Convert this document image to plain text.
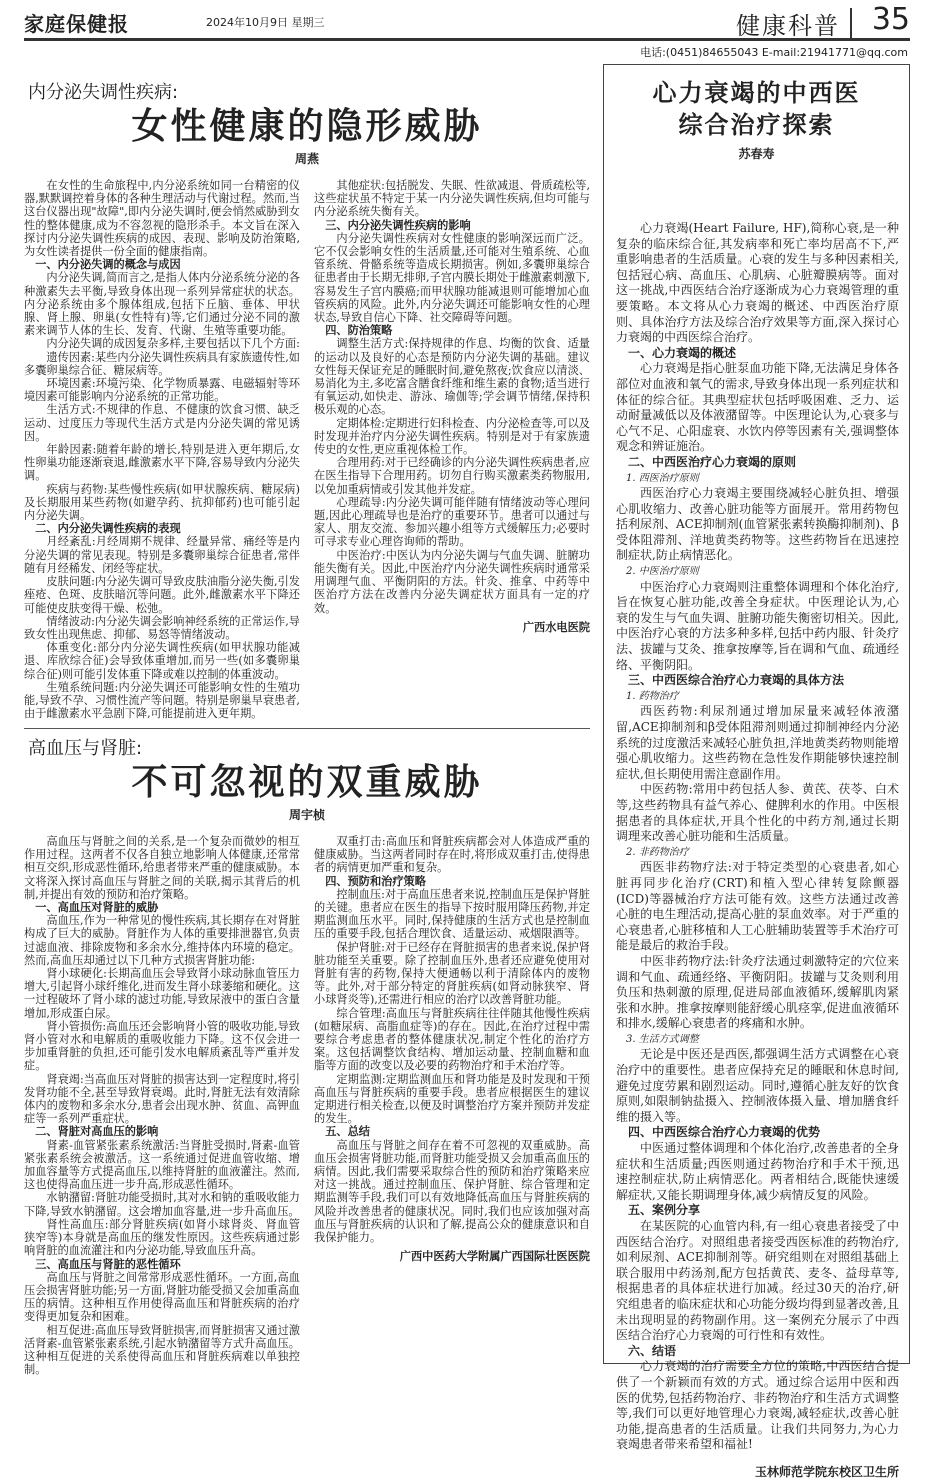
家庭保健报	2024年10月9日 星期三	健康科普 35
电话:(0451)84655043 E-mail:21941771@qq.com
内分泌失调性疾病:
女性健康的隐形威胁
周燕

在女性的生命旅程中,内分泌系统如同一台精密的仪器,默默调控着身体的各种生理活动与代谢过程。然而,当这台仪器出现"故障",即内分泌失调时,便会悄然威胁到女性的整体健康,成为不容忽视的隐形杀手。本文旨在深入探讨内分泌失调性疾病的成因、表现、影响及防治策略,为女性读者提供一份全面的健康指南。

一、内分泌失调的概念与成因

内分泌失调,简而言之,是指人体内分泌系统分泌的各种激素失去平衡,导致身体出现一系列异常症状的状态。内分泌系统由多个腺体组成,包括下丘脑、垂体、甲状腺、肾上腺、卵巢(女性特有)等,它们通过分泌不同的激素来调节人体的生长、发育、代谢、生殖等重要功能。

内分泌失调的成因复杂多样,主要包括以下几个方面:

遗传因素:某些内分泌失调性疾病具有家族遗传性,如多囊卵巢综合征、糖尿病等。

环境因素:环境污染、化学物质暴露、电磁辐射等环境因素可能影响内分泌系统的正常功能。

生活方式:不规律的作息、不健康的饮食习惯、缺乏运动、过度压力等现代生活方式是内分泌失调的常见诱因。

年龄因素:随着年龄的增长,特别是进入更年期后,女性卵巢功能逐渐衰退,雌激素水平下降,容易导致内分泌失调。

疾病与药物:某些慢性疾病(如甲状腺疾病、糖尿病)及长期服用某些药物(如避孕药、抗抑郁药)也可能引起内分泌失调。

二、内分泌失调性疾病的表现

月经紊乱:月经周期不规律、经量异常、痛经等是内分泌失调的常见表现。特别是多囊卵巢综合征患者,常伴随有月经稀发、闭经等症状。

皮肤问题:内分泌失调可导致皮肤油脂分泌失衡,引发痤疮、色斑、皮肤暗沉等问题。此外,雌激素水平下降还可能使皮肤变得干燥、松弛。

情绪波动:内分泌失调会影响神经系统的正常运作,导致女性出现焦虑、抑郁、易怒等情绪波动。

体重变化:部分内分泌失调性疾病(如甲状腺功能减退、库欣综合征)会导致体重增加,而另一些(如多囊卵巢综合征)则可能引发体重下降或难以控制的体重波动。

生殖系统问题:内分泌失调还可能影响女性的生殖功能,导致不孕、习惯性流产等问题。特别是卵巢早衰患者,由于雌激素水平急剧下降,可能提前进入更年期。

其他症状:包括脱发、失眠、性欲减退、骨质疏松等,这些症状虽不特定于某一内分泌失调性疾病,但均可能与内分泌系统失衡有关。

三、内分泌失调性疾病的影响

内分泌失调性疾病对女性健康的影响深远而广泛。它不仅会影响女性的生活质量,还可能对生殖系统、心血管系统、骨骼系统等造成长期损害。例如,多囊卵巢综合征患者由于长期无排卵,子宫内膜长期处于雌激素刺激下,容易发生子宫内膜癌;而甲状腺功能减退则可能增加心血管疾病的风险。此外,内分泌失调还可能影响女性的心理状态,导致自信心下降、社交障碍等问题。

四、防治策略

调整生活方式:保持规律的作息、均衡的饮食、适量的运动以及良好的心态是预防内分泌失调的基础。建议女性每天保证充足的睡眠时间,避免熬夜;饮食应以清淡、易消化为主,多吃富含膳食纤维和维生素的食物;适当进行有氧运动,如快走、游泳、瑜伽等;学会调节情绪,保持积极乐观的心态。

定期体检:定期进行妇科检查、内分泌检查等,可以及时发现并治疗内分泌失调性疾病。特别是对于有家族遗传史的女性,更应重视体检工作。

合理用药:对于已经确诊的内分泌失调性疾病患者,应在医生指导下合理用药。切勿自行购买激素类药物服用,以免加重病情或引发其他并发症。

心理疏导:内分泌失调可能伴随有情绪波动等心理问题,因此心理疏导也是治疗的重要环节。患者可以通过与家人、朋友交流、参加兴趣小组等方式缓解压力;必要时可寻求专业心理咨询师的帮助。

中医治疗:中医认为内分泌失调与气血失调、脏腑功能失衡有关。因此,中医治疗内分泌失调性疾病时通常采用调理气血、平衡阴阳的方法。针灸、推拿、中药等中医治疗方法在改善内分泌失调症状方面具有一定的疗效。

广西水电医院

高血压与肾脏:
不可忽视的双重威胁
周宇桢

高血压与肾脏之间的关系,是一个复杂而微妙的相互作用过程。这两者不仅各自独立地影响人体健康,还常常相互交织,形成恶性循环,给患者带来严重的健康威胁。本文将深入探讨高血压与肾脏之间的关联,揭示其背后的机制,并提出有效的预防和治疗策略。

一、高血压对肾脏的威胁

高血压,作为一种常见的慢性疾病,其长期存在对肾脏构成了巨大的威胁。肾脏作为人体的重要排泄器官,负责过滤血液、排除废物和多余水分,维持体内环境的稳定。然而,高血压却通过以下几种方式损害肾脏功能:

肾小球硬化:长期高血压会导致肾小球动脉血管压力增大,引起肾小球纤维化,进而发生肾小球萎缩和硬化。这一过程破坏了肾小球的滤过功能,导致尿液中的蛋白含量增加,形成蛋白尿。

肾小管损伤:高血压还会影响肾小管的吸收功能,导致肾小管对水和电解质的重吸收能力下降。这不仅会进一步加重肾脏的负担,还可能引发水电解质紊乱等严重并发症。

肾衰竭:当高血压对肾脏的损害达到一定程度时,将引发肾功能不全,甚至导致肾衰竭。此时,肾脏无法有效清除体内的废物和多余水分,患者会出现水肿、贫血、高钾血症等一系列严重症状。

二、肾脏对高血压的影响

肾素-血管紧张素系统激活:当肾脏受损时,肾素-血管紧张素系统会被激活。这一系统通过促进血管收缩、增加血容量等方式提高血压,以维持肾脏的血液灌注。然而,这也使得高血压进一步升高,形成恶性循环。

水钠潴留:肾脏功能受损时,其对水和钠的重吸收能力下降,导致水钠潴留。这会增加血容量,进一步升高血压。

肾性高血压:部分肾脏疾病(如肾小球肾炎、肾血管狭窄等)本身就是高血压的继发性原因。这些疾病通过影响肾脏的血流灌注和内分泌功能,导致血压升高。

三、高血压与肾脏的恶性循环

高血压与肾脏之间常常形成恶性循环。一方面,高血压会损害肾脏功能;另一方面,肾脏功能受损又会加重高血压的病情。这种相互作用使得高血压和肾脏疾病的治疗变得更加复杂和困难。

相互促进:高血压导致肾脏损害,而肾脏损害又通过激活肾素-血管紧张素系统,引起水钠潴留等方式升高血压。这种相互促进的关系使得高血压和肾脏疾病难以单独控制。

双重打击:高血压和肾脏疾病都会对人体造成严重的健康威胁。当这两者同时存在时,将形成双重打击,使得患者的病情更加严重和复杂。

四、预防和治疗策略

控制血压:对于高血压患者来说,控制血压是保护肾脏的关键。患者应在医生的指导下按时服用降压药物,并定期监测血压水平。同时,保持健康的生活方式也是控制血压的重要手段,包括合理饮食、适量运动、戒烟限酒等。

保护肾脏:对于已经存在肾脏损害的患者来说,保护肾脏功能至关重要。除了控制血压外,患者还应避免使用对肾脏有害的药物,保持大便通畅以利于清除体内的废物等。此外,对于部分特定的肾脏疾病(如肾动脉狭窄、肾小球肾炎等),还需进行相应的治疗以改善肾脏功能。

综合管理:高血压与肾脏疾病往往伴随其他慢性疾病(如糖尿病、高脂血症等)的存在。因此,在治疗过程中需要综合考虑患者的整体健康状况,制定个性化的治疗方案。这包括调整饮食结构、增加运动量、控制血糖和血脂等方面的改变以及必要的药物治疗和手术治疗等。

定期监测:定期监测血压和肾功能是及时发现和干预高血压与肾脏疾病的重要手段。患者应根据医生的建议定期进行相关检查,以便及时调整治疗方案并预防并发症的发生。

五、总结

高血压与肾脏之间存在着不可忽视的双重威胁。高血压会损害肾脏功能,而肾脏功能受损又会加重高血压的病情。因此,我们需要采取综合性的预防和治疗策略来应对这一挑战。通过控制血压、保护肾脏、综合管理和定期监测等手段,我们可以有效地降低高血压与肾脏疾病的风险并改善患者的健康状况。同时,我们也应该加强对高血压与肾脏疾病的认识和了解,提高公众的健康意识和自我保护能力。

广西中医药大学附属广西国际壮医医院

心力衰竭的中西医
综合治疗探索
苏春寿

心力衰竭(Heart Failure, HF),简称心衰,是一种复杂的临床综合征,其发病率和死亡率均居高不下,严重影响患者的生活质量。心衰的发生与多种因素相关,包括冠心病、高血压、心肌病、心脏瓣膜病等。面对这一挑战,中西医结合治疗逐渐成为心力衰竭管理的重要策略。本文将从心力衰竭的概述、中西医治疗原则、具体治疗方法及综合治疗效果等方面,深入探讨心力衰竭的中西医综合治疗。

一、心力衰竭的概述

心力衰竭是指心脏泵血功能下降,无法满足身体各部位对血液和氧气的需求,导致身体出现一系列症状和体征的综合征。其典型症状包括呼吸困难、乏力、运动耐量减低以及体液潴留等。中医理论认为,心衰多与心气不足、心阳虚衰、水饮内停等因素有关,强调整体观念和辨证施治。

二、中西医治疗心力衰竭的原则

1. 西医治疗原则

西医治疗心力衰竭主要围绕减轻心脏负担、增强心肌收缩力、改善心脏功能等方面展开。常用药物包括利尿剂、ACE抑制剂(血管紧张素转换酶抑制剂)、β受体阻滞剂、洋地黄类药物等。这些药物旨在迅速控制症状,防止病情恶化。

2. 中医治疗原则

中医治疗心力衰竭则注重整体调理和个体化治疗,旨在恢复心脏功能,改善全身症状。中医理论认为,心衰的发生与气血失调、脏腑功能失衡密切相关。因此,中医治疗心衰的方法多种多样,包括中药内服、针灸疗法、拔罐与艾灸、推拿按摩等,旨在调和气血、疏通经络、平衡阴阳。

三、中西医综合治疗心力衰竭的具体方法

1. 药物治疗

西医药物:利尿剂通过增加尿量来减轻体液潴留,ACE抑制剂和β受体阻滞剂则通过抑制神经内分泌系统的过度激活来减轻心脏负担,洋地黄类药物则能增强心肌收缩力。这些药物在急性发作期能够快速控制症状,但长期使用需注意副作用。

中医药物:常用中药包括人参、黄芪、茯苓、白术等,这些药物具有益气养心、健脾利水的作用。中医根据患者的具体症状,开具个性化的中药方剂,通过长期调理来改善心脏功能和生活质量。

2. 非药物治疗

西医非药物疗法:对于特定类型的心衰患者,如心脏再同步化治疗(CRT)和植入型心律转复除颤器(ICD)等器械治疗方法可能有效。这些方法通过改善心脏的电生理活动,提高心脏的泵血效率。对于严重的心衰患者,心脏移植和人工心脏辅助装置等手术治疗可能是最后的救治手段。

中医非药物疗法:针灸疗法通过刺激特定的穴位来调和气血、疏通经络、平衡阴阳。拔罐与艾灸则利用负压和热刺激的原理,促进局部血液循环,缓解肌肉紧张和水肿。推拿按摩则能舒缓心肌痉挛,促进血液循环和排水,缓解心衰患者的疼痛和水肿。

3. 生活方式调整

无论是中医还是西医,都强调生活方式调整在心衰治疗中的重要性。患者应保持充足的睡眠和休息时间,避免过度劳累和剧烈运动。同时,遵循心脏友好的饮食原则,如限制钠盐摄入、控制液体摄入量、增加膳食纤维的摄入等。

四、中西医综合治疗心力衰竭的优势

中医通过整体调理和个体化治疗,改善患者的全身症状和生活质量;西医则通过药物治疗和手术干预,迅速控制症状,防止病情恶化。两者相结合,既能快速缓解症状,又能长期调理身体,减少病情反复的风险。

五、案例分享

在某医院的心血管内科,有一组心衰患者接受了中西医结合治疗。对照组患者接受西医标准的药物治疗,如利尿剂、ACE抑制剂等。研究组则在对照组基础上联合服用中药汤剂,配方包括黄芪、麦冬、益母草等,根据患者的具体症状进行加减。经过30天的治疗,研究组患者的临床症状和心功能分级均得到显著改善,且未出现明显的药物副作用。这一案例充分展示了中西医结合治疗心力衰竭的可行性和有效性。

六、结语

心力衰竭的治疗需要全方位的策略,中西医结合提供了一个新颖而有效的方式。通过综合运用中医和西医的优势,包括药物治疗、非药物治疗和生活方式调整等,我们可以更好地管理心力衰竭,减轻症状,改善心脏功能,提高患者的生活质量。让我们共同努力,为心力衰竭患者带来希望和福祉!

玉林师范学院东校区卫生所
